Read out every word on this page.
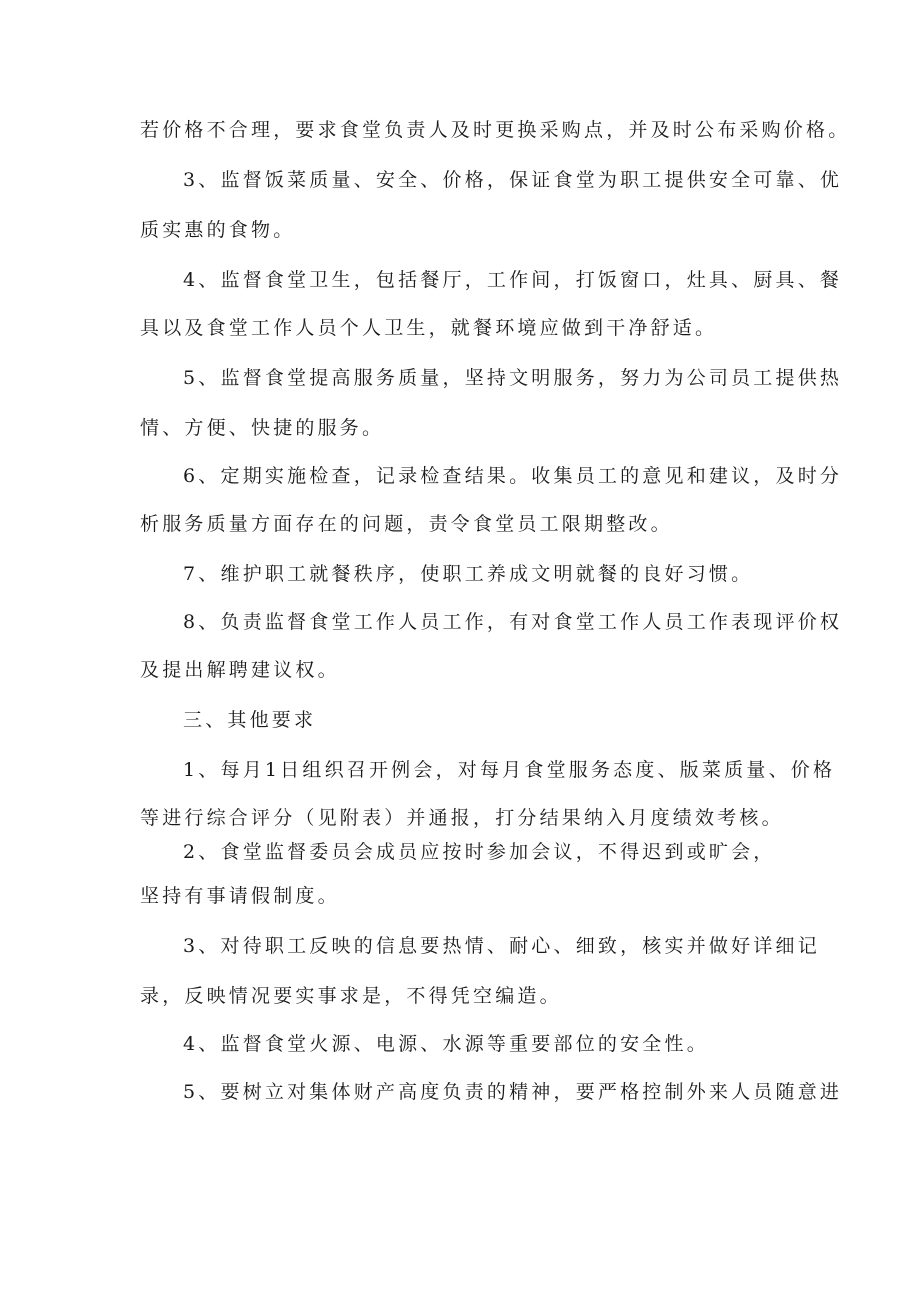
若价格不合理，要求食堂负责人及时更换采购点，并及时公布采购价格。
3、监督饭菜质量、安全、价格，保证食堂为职工提供安全可靠、优
质实惠的食物。
4、监督食堂卫生，包括餐厅，工作间，打饭窗口，灶具、厨具、餐
具以及食堂工作人员个人卫生，就餐环境应做到干净舒适。
5、监督食堂提高服务质量，坚持文明服务，努力为公司员工提供热
情、方便、快捷的服务。
6、定期实施检查，记录检查结果。收集员工的意见和建议，及时分
析服务质量方面存在的问题，责令食堂员工限期整改。
7、维护职工就餐秩序，使职工养成文明就餐的良好习惯。
8、负责监督食堂工作人员工作，有对食堂工作人员工作表现评价权
及提出解聘建议权。
三、其他要求
1、每月1日组织召开例会，对每月食堂服务态度、版菜质量、价格
等进行综合评分（见附表）并通报，打分结果纳入月度绩效考核。
2、食堂监督委员会成员应按时参加会议，不得迟到或旷会，
坚持有事请假制度。
3、对待职工反映的信息要热情、耐心、细致，核实并做好详细记
录，反映情况要实事求是，不得凭空编造。
4、监督食堂火源、电源、水源等重要部位的安全性。
5、要树立对集体财产高度负责的精神，要严格控制外来人员随意进
